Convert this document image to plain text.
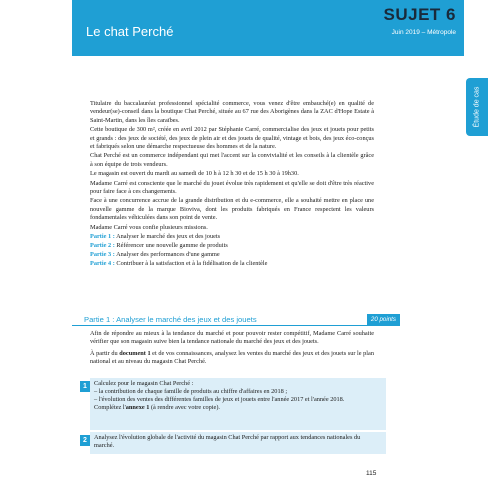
Le chat Perché
SUJET 6
Juin 2019 – Métropole
Étude de cas

Titulaire du baccalauréat professionnel spécialité commerce, vous venez d'être embauché(e) en qualité de vendeur(se)-conseil dans la boutique Chat Perché, située au 67 rue des Aborigènes dans la ZAC d'Hope Estate à Saint-Martin, dans les îles caraïbes.

Cette boutique de 300 m², créée en avril 2012 par Stéphanie Carré, commercialise des jeux et jouets pour petits et grands : des jeux de société, des jeux de plein air et des jouets de qualité, vintage et bois, des jeux éco-conçus et fabriqués selon une démarche respectueuse des hommes et de la nature.

Chat Perché est un commerce indépendant qui met l'accent sur la convivialité et les conseils à la clientèle grâce à son équipe de trois vendeurs.

Le magasin est ouvert du mardi au samedi de 10 h à 12 h 30 et de 15 h 30 à 19h30.

Madame Carré est consciente que le marché du jouet évolue très rapidement et qu'elle se doit d'être très réactive pour faire face à ces changements.

Face à une concurrence accrue de la grande distribution et du e-commerce, elle a souhaité mettre en place une nouvelle gamme de la marque Bioviva, dont les produits fabriqués en France respectent les valeurs fondamentales véhiculées dans son point de vente.

Madame Carré vous confie plusieurs missions.

Partie 1 : Analyser le marché des jeux et des jouets

Partie 2 : Référencer une nouvelle gamme de produits

Partie 3 : Analyser des performances d'une gamme

Partie 4 : Contribuer à la satisfaction et à la fidélisation de la clientèle

Partie 1 : Analyser le marché des jeux et des jouets	20 points

Afin de répondre au mieux à la tendance du marché et pour pouvoir rester compétitif, Madame Carré souhaite vérifier que son magasin suive bien la tendance nationale du marché des jeux et des jouets.

À partir du document 1 et de vos connaissances, analysez les ventes du marché des jeux et des jouets sur le plan national et au niveau du magasin Chat Perché.

1	Calculez pour le magasin Chat Perché :
– la contribution de chaque famille de produits au chiffre d'affaires en 2018 ;
– l'évolution des ventes des différentes familles de jeux et jouets entre l'année 2017 et l'année 2018.
Complétez l'annexe 1 (à rendre avec votre copie).
2	Analysez l'évolution globale de l'activité du magasin Chat Perché par rapport aux tendances nationales du marché.
115
